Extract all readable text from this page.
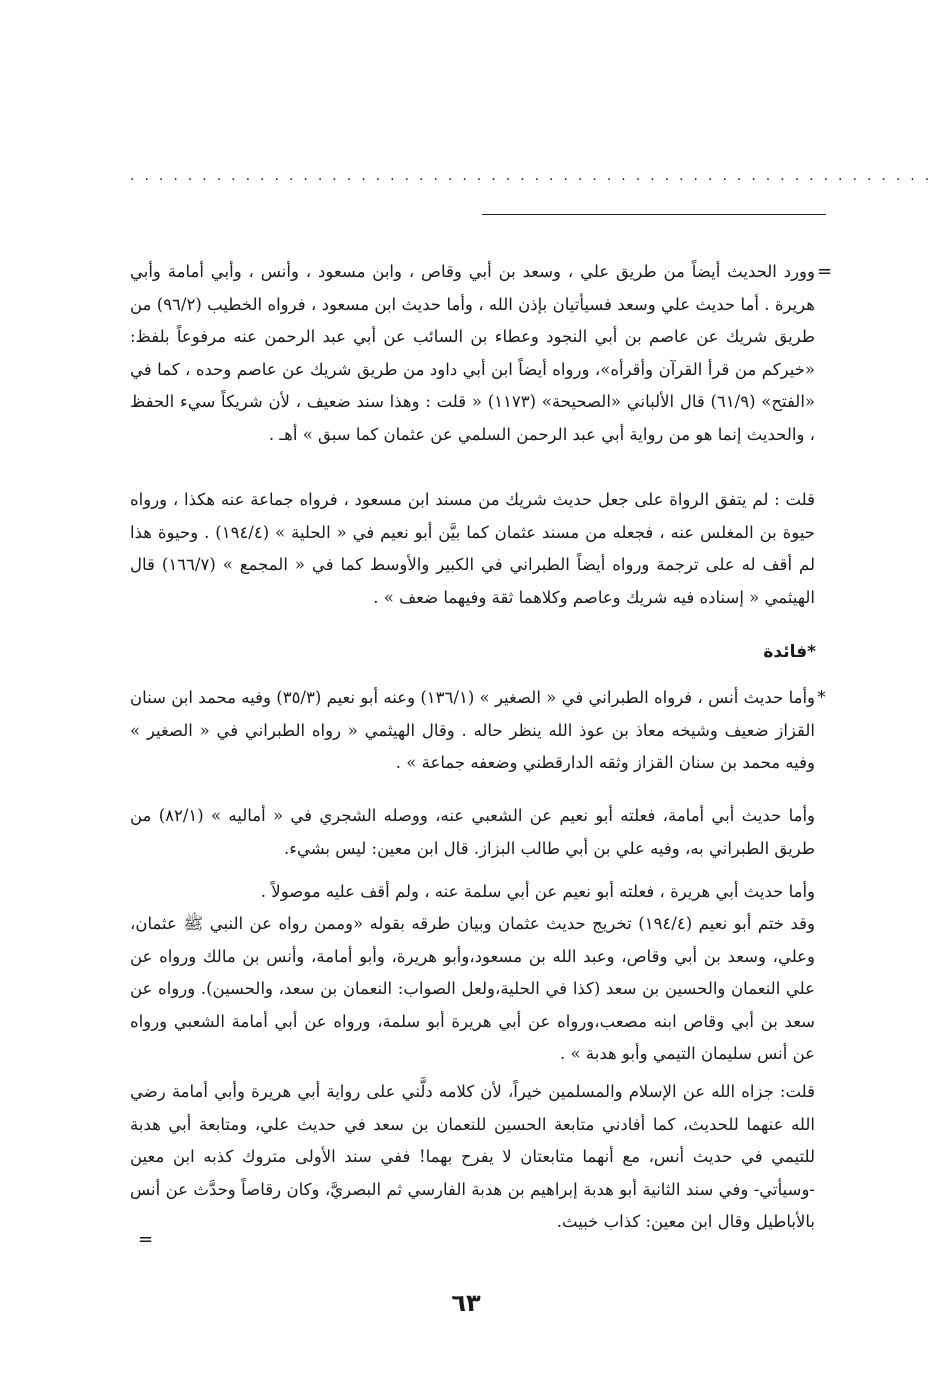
........................................................
=

وورد الحديث أيضاً من طريق علي ، وسعد بن أبي وقاص ، وابن مسعود ، وأنس ، وأبي أمامة وأبي هريرة . أما حديث علي وسعد فسيأتيان بإذن الله ، وأما حديث ابن مسعود ، فرواه الخطيب (٩٦/٢) من طريق شريك عن عاصم بن أبي النجود وعطاء بن السائب عن أبي عبد الرحمن عنه مرفوعاً بلفظ: «خيركم من قرأ القرآن وأقرأه»، ورواه أيضاً ابن أبي داود من طريق شريك عن عاصم وحده ، كما في «الفتح» (٦١/٩) قال الألباني «الصحيحة» (١١٧٣) « قلت : وهذا سند ضعيف ، لأن شريكاً سيء الحفظ ، والحديث إنما هو من رواية أبي عبد الرحمن السلمي عن عثمان كما سبق » أهـ .

قلت : لم يتفق الرواة على جعل حديث شريك من مسند ابن مسعود ، فرواه جماعة عنه هكذا ، ورواه حيوة بن المغلس عنه ، فجعله من مسند عثمان كما بيَّن أبو نعيم في « الحلية » (١٩٤/٤) . وحيوة هذا لم أقف له على ترجمة ورواه أيضاً الطبراني في الكبير والأوسط كما في « المجمع » (١٦٦/٧) قال الهيثمي « إسناده فيه شريك وعاصم وكلاهما ثقة وفيهما ضعف » .

*فائدة
*

وأما حديث أنس ، فرواه الطبراني في « الصغير » (١٣٦/١) وعنه أبو نعيم (٣٥/٣) وفيه محمد ابن سنان القزاز ضعيف وشيخه معاذ بن عوذ الله ينظر حاله . وقال الهيثمي « رواه الطبراني في « الصغير » وفيه محمد بن سنان القزاز وثقه الدارقطني وضعفه جماعة » .

وأما حديث أبي أمامة، فعلته أبو نعيم عن الشعبي عنه، ووصله الشجري في « أماليه » (٨٢/١) من طريق الطبراني به، وفيه علي بن أبي طالب البزاز. قال ابن معين: ليس بشيء.

وأما حديث أبي هريرة ، فعلته أبو نعيم عن أبي سلمة عنه ، ولم أقف عليه موصولاً .

وقد ختم أبو نعيم (١٩٤/٤) تخريج حديث عثمان وبيان طرقه بقوله «وممن رواه عن النبي ﷺ عثمان، وعلي، وسعد بن أبي وقاص، وعبد الله بن مسعود،وأبو هريرة، وأبو أمامة، وأنس بن مالك ورواه عن علي النعمان والحسين بن سعد (كذا في الحلية،ولعل الصواب: النعمان بن سعد، والحسين). ورواه عن سعد بن أبي وقاص ابنه مصعب،ورواه عن أبي هريرة أبو سلمة، ورواه عن أبي أمامة الشعبي ورواه عن أنس سليمان التيمي وأبو هدبة » .

قلت: جزاه الله عن الإسلام والمسلمين خيراً، لأن كلامه دلَّني على رواية أبي هريرة وأبي أمامة رضي الله عنهما للحديث، كما أفادني متابعة الحسين للنعمان بن سعد في حديث علي، ومتابعة أبي هدبة للتيمي في حديث أنس، مع أنهما متابعتان لا يفرح بهما! ففي سند الأولى متروك كذبه ابن معين -وسيأتي- وفي سند الثانية أبو هدبة إبراهيم بن هدبة الفارسي ثم البصريَّ، وكان رقاصاً وحدَّث عن أنس بالأباطيل وقال ابن معين: كذاب خبيث.

=
٦٣
